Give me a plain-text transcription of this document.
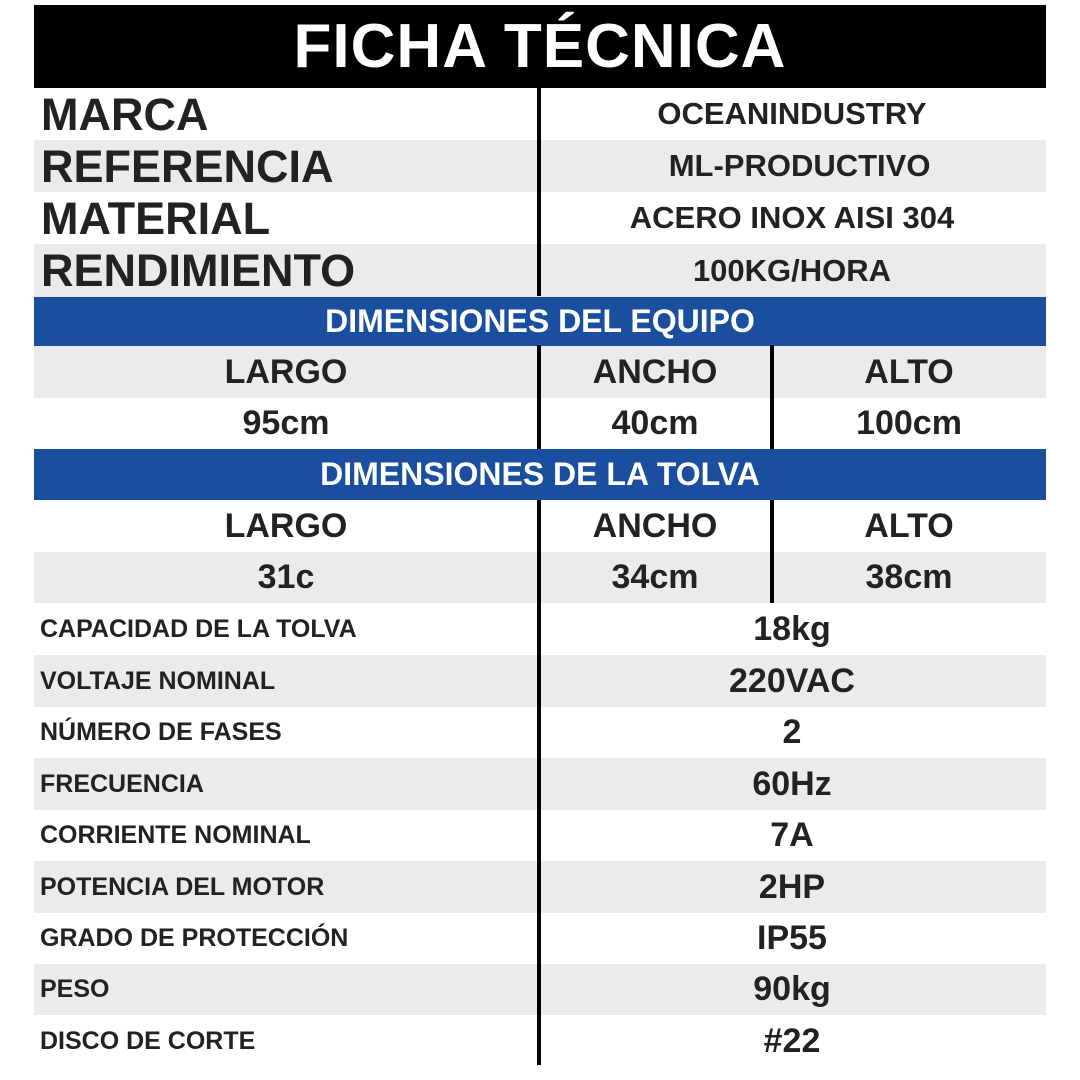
FICHA TÉCNICA
MARCA	OCEANINDUSTRY
REFERENCIA	ML-PRODUCTIVO
MATERIAL	ACERO INOX AISI 304
RENDIMIENTO	100KG/HORA
DIMENSIONES DEL EQUIPO
LARGO	ANCHO	ALTO
95cm	40cm	100cm
DIMENSIONES DE LA TOLVA
LARGO	ANCHO	ALTO
31c	34cm	38cm
CAPACIDAD DE LA TOLVA	18kg
VOLTAJE NOMINAL	220VAC
NÚMERO DE FASES	2
FRECUENCIA	60Hz
CORRIENTE NOMINAL	7A
POTENCIA DEL MOTOR	2HP
GRADO DE PROTECCIÓN	IP55
PESO	90kg
DISCO DE CORTE	#22
